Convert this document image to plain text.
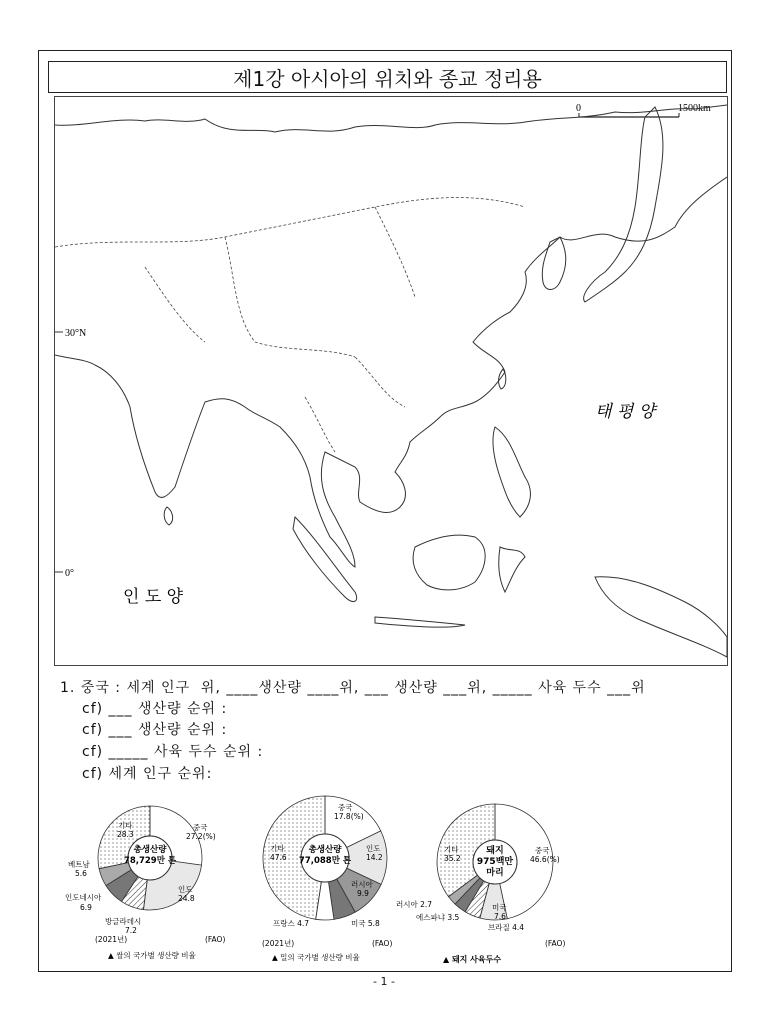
제1강 아시아의 위치와 종교 정리용
0	1500km
30°N
0°
태 평 양
인 도 양
1. 중국 : 세계 인구  위, ____생산량 ____위, ___ 생산량 ___위, _____ 사육 두수 ___위
cf) ___ 생산량 순위 :
cf) ___ 생산량 순위 :
cf) _____ 사육 두수 순위 :
cf) 세계 인구 순위:
총생산량
78,729만 톤
중국
27.2(%)
인도
24.8
방글라데시
7.2
인도네시아
6.9
베트남
5.6
기타
28.3
(2021년)	(FAO)
▲ 쌀의 국가별 생산량 비율
총생산량
77,088만 톤
중국
17.8(%)
인도
14.2
러시아
9.9
미국 5.8
프랑스 4.7
기타
47.6
(2021년)	(FAO)
▲ 밀의 국가별 생산량 비율
돼지
975백만
마리
중국
46.6(%)
미국
7.6
브라질 4.4
에스파냐 3.5
러시아 2.7
기타
35.2
(FAO)
▲ 돼지 사육두수
- 1 -
